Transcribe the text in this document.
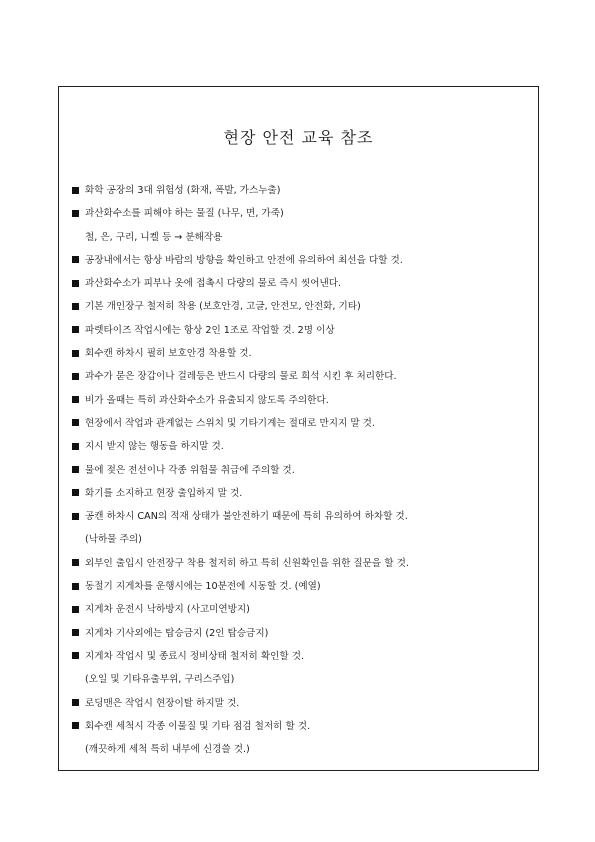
현장 안전 교육 참조
화학 공장의 3대 위험성 (화재, 폭발, 가스누출)
과산화수소를 피해야 하는 물질 (나무, 면, 가죽)
철, 은, 구리, 니켈 등 → 분해작용
공장내에서는 항상 바람의 방향을 확인하고 안전에 유의하여 최선을 다할 것.
과산화수소가 피부나 옷에 접촉시 다량의 물로 즉시 씻어낸다.
기본 개인장구 철저히 착용 (보호안경, 고글, 안전모, 안전화, 기타)
파렛타이즈 작업시에는 항상 2인 1조로 작업할 것. 2명 이상
회수캔 하차시 필히 보호안경 착용할 것.
과수가 묻은 장갑이나 걸레등은 반드시 다량의 물로 희석 시킨 후 처리한다.
비가 올때는 특히 과산화수소가 유출되지 않도록 주의한다.
현장에서 작업과 관계없는 스위치 및 기타기계는 절대로 만지지 말 것.
지시 받지 않는 행동을 하지말 것.
물에 젖은 전선이나 각종 위험물 취급에 주의할 것.
화기를 소지하고 현장 출입하지 말 것.
공캔 하차시 CAN의 적재 상태가 불안전하기 때문에 특히 유의하여 하차할 것.
(낙하물 주의)
외부인 출입시 안전장구 착용 철저히 하고 특히 신원확인을 위한 질문을 할 것.
동절기 지게차를 운행시에는 10분전에 시동할 것. (예열)
지게차 운전시 낙하방지 (사고미연방지)
지게차 기사외에는 탑승금지 (2인 탑승금지)
지게차 작업시 및 종료시 정비상태 철저히 확인할 것.
(오일 및 기타유출부위, 구리스주입)
로딩맨은 작업시 현장이탈 하지말 것.
회수캔 세척시 각종 이물질 및 기타 점검 철저히 할 것.
(깨끗하게 세척 특히 내부에 신경쓸 것.)
